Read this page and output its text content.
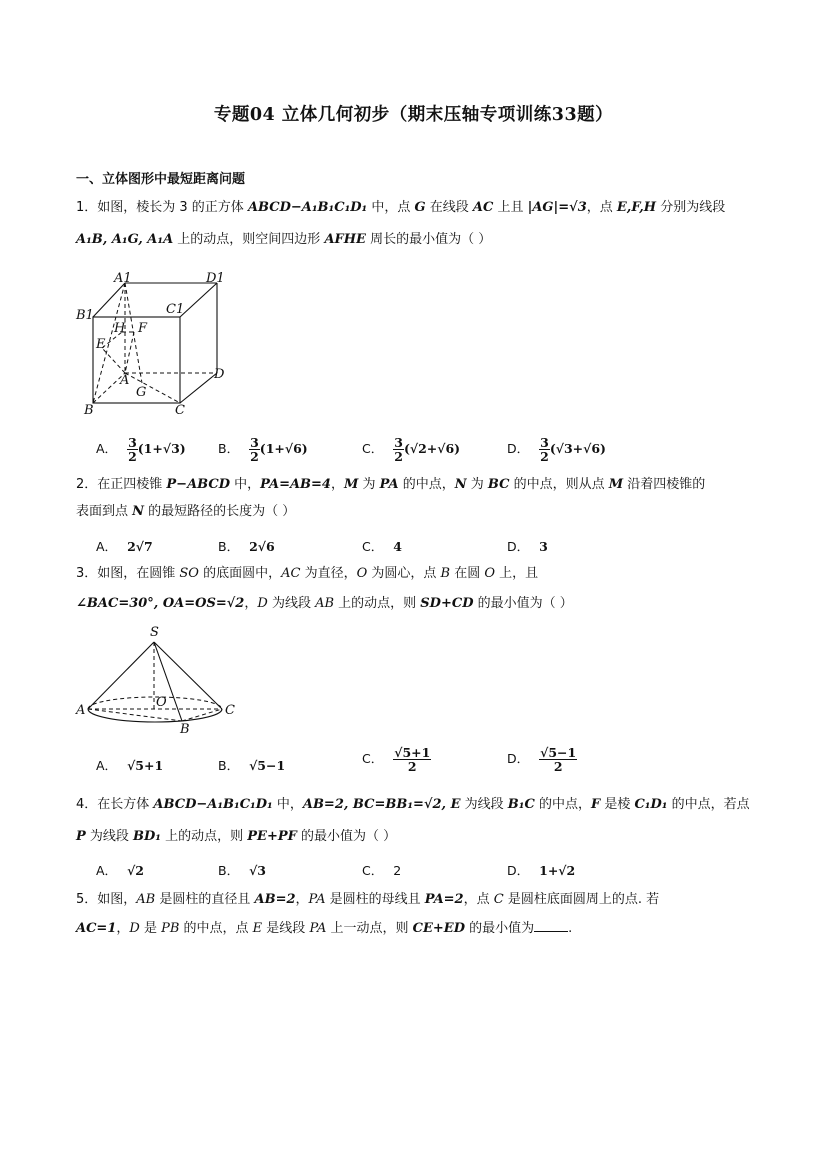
专题04 立体几何初步（期末压轴专项训练33题）
一、立体图形中最短距离问题
1．如图，棱长为 3 的正方体 ABCD−A₁B₁C₁D₁ 中，点 G 在线段 AC 上且 |AG|=√3，点 E,F,H 分别为线段
A₁B, A₁G, A₁A 上的动点，则空间四边形 AFHE 周长的最小值为（ ）
A1	D1
C1
B1
H F
E
A
G
D
B	C
A． $\frac{3}{2} (1+√3)$	B． $\frac{3}{2} (1+√6)$	C． $\frac{3}{2} (√2+√6)$	D． $\frac{3}{2} (√3+√6)$
2．在正四棱锥 P−ABCD 中，PA=AB=4，M 为 PA 的中点，N 为 BC 的中点，则从点 M 沿着四棱锥的
表面到点 N 的最短路径的长度为（ ）
A． 2√7	B． 2√6	C． 4	D． 3
3．如图，在圆锥 SO 的底面圆中，AC 为直径，O 为圆心，点 B 在圆 O 上，且
∠BAC=30°, OA=OS=√2，D 为线段 AB 上的动点，则 SD+CD 的最小值为（ ）
S
A
O
C
B
A． √5+1	B． √5−1	C． $\frac{√5+1}{2}$	D． $\frac{√5-1}{2}$
4．在长方体 ABCD−A₁B₁C₁D₁ 中，AB=2, BC=BB₁=√2, E 为线段 B₁C 的中点，F 是棱 C₁D₁ 的中点，若点
P 为线段 BD₁ 上的动点，则 PE+PF 的最小值为（ ）
A． √2	B． √3	C． 2	D． 1+√2
5．如图，AB 是圆柱的直径且 AB=2，PA 是圆柱的母线且 PA=2，点 C 是圆柱底面圆周上的点. 若
AC=1，D 是 PB 的中点，点 E 是线段 PA 上一动点，则 CE+ED 的最小值为	.
